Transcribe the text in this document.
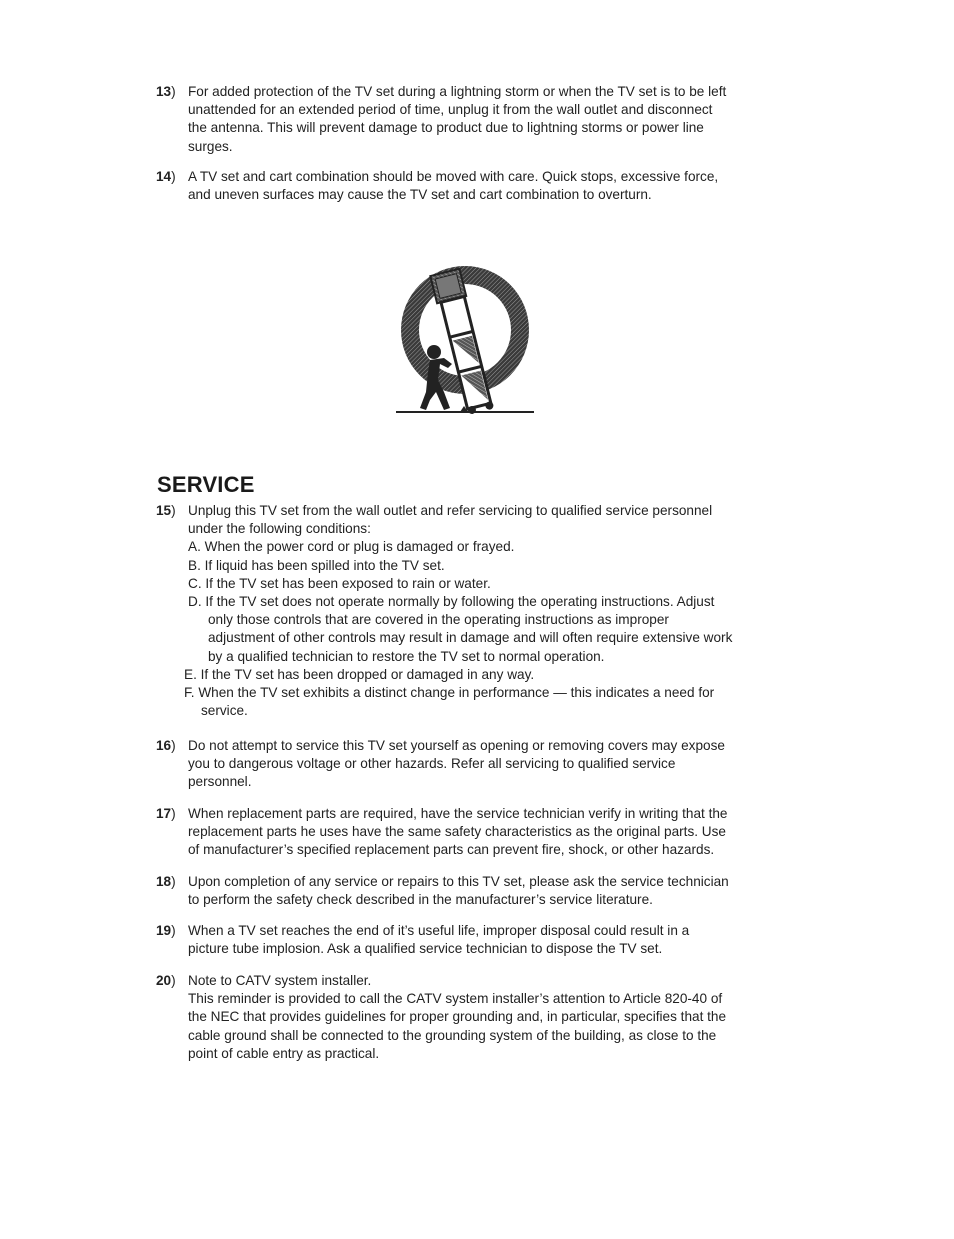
13) For added protection of the TV set during a lightning storm or when the TV set is to be left

unattended for an extended period of time, unplug it from the wall outlet and disconnect

the antenna. This will prevent damage to product due to lightning storms or power line

surges.

14) A TV set and cart combination should be moved with care. Quick stops, excessive force,

and uneven surfaces may cause the TV set and cart combination to overturn.

SERVICE
15) Unplug this TV set from the wall outlet and refer servicing to qualified service personnel

under the following conditions:

A. When the power cord or plug is damaged or frayed.

B. If liquid has been spilled into the TV set.

C. If the TV set has been exposed to rain or water.

D. If the TV set does not operate normally by following the operating instructions. Adjust

only those controls that are covered in the operating instructions as improper

adjustment of other controls may result in damage and will often require extensive work

by a qualified technician to restore the TV set to normal operation.

E. If the TV set has been dropped or damaged in any way.

F. When the TV set exhibits a distinct change in performance — this indicates a need for

service.

16) Do not attempt to service this TV set yourself as opening or removing covers may expose

you to dangerous voltage or other hazards. Refer all servicing to qualified service

personnel.

17) When replacement parts are required, have the service technician verify in writing that the

replacement parts he uses have the same safety characteristics as the original parts. Use

of manufacturer’s specified replacement parts can prevent fire, shock, or other hazards.

18) Upon completion of any service or repairs to this TV set, please ask the service technician

to perform the safety check described in the manufacturer’s service literature.

19) When a TV set reaches the end of it’s useful life, improper disposal could result in a

picture tube implosion. Ask a qualified service technician to dispose the TV set.

20) Note to CATV system installer.

This reminder is provided to call the CATV system installer’s attention to Article 820-40 of

the NEC that provides guidelines for proper grounding and, in particular, specifies that the

cable ground shall be connected to the grounding system of the building, as close to the

point of cable entry as practical.
